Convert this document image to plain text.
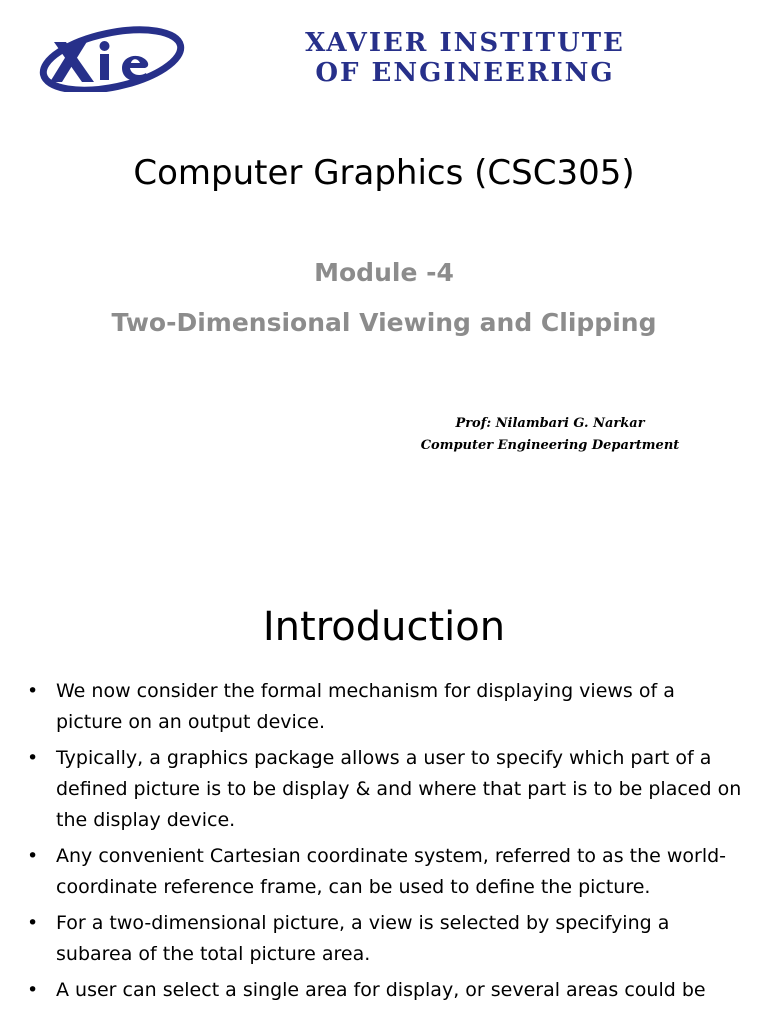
XAVIER INSTITUTE
OF ENGINEERING
Computer Graphics (CSC305)
Module -4
Two-Dimensional Viewing and Clipping
Prof: Nilambari G. Narkar
Computer Engineering Department
Introduction
• We now consider the formal mechanism for displaying views of a picture on an output device.
• Typically, a graphics package allows a user to specify which part of a defined picture is to be display & and where that part is to be placed on the display device.
• Any convenient Cartesian coordinate system, referred to as the world-coordinate reference frame, can be used to define the picture.
• For a two-dimensional picture, a view is selected by specifying a subarea of the total picture area.
• A user can select a single area for display, or several areas could be
